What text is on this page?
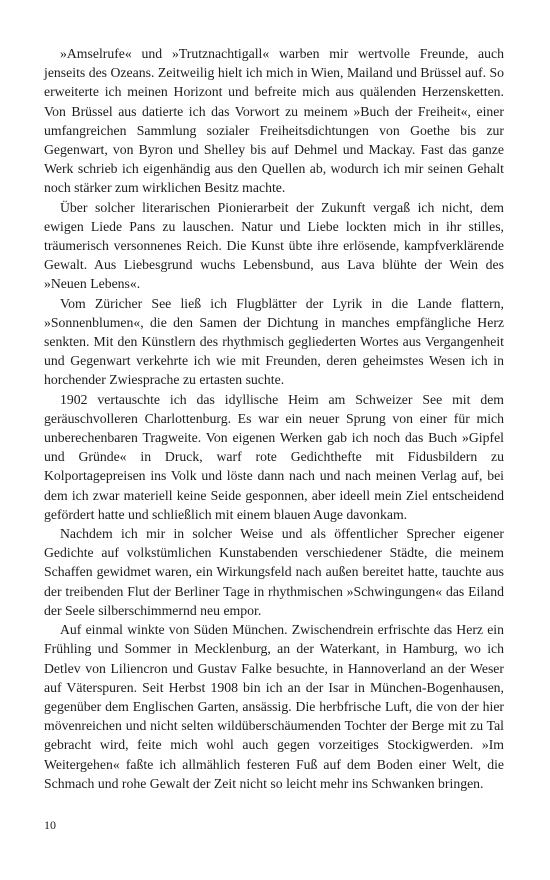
»Amselrufe« und »Trutznachtigall« warben mir wertvolle Freunde, auch jenseits des Ozeans. Zeitweilig hielt ich mich in Wien, Mailand und Brüssel auf. So erweiterte ich meinen Horizont und befreite mich aus quälenden Herzensketten. Von Brüssel aus datierte ich das Vorwort zu meinem »Buch der Freiheit«, einer umfangreichen Sammlung sozialer Freiheitsdichtungen von Goethe bis zur Gegenwart, von Byron und Shelley bis auf Dehmel und Mackay. Fast das ganze Werk schrieb ich eigenhändig aus den Quellen ab, wodurch ich mir seinen Gehalt noch stärker zum wirklichen Besitz machte.

Über solcher literarischen Pionierarbeit der Zukunft vergaß ich nicht, dem ewigen Liede Pans zu lauschen. Natur und Liebe lockten mich in ihr stilles, träumerisch versonnenes Reich. Die Kunst übte ihre erlösende, kampfverklärende Gewalt. Aus Liebesgrund wuchs Lebensbund, aus Lava blühte der Wein des »Neuen Lebens«.

Vom Züricher See ließ ich Flugblätter der Lyrik in die Lande flattern, »Sonnenblumen«, die den Samen der Dichtung in manches empfängliche Herz senkten. Mit den Künstlern des rhythmisch gegliederten Wortes aus Vergangenheit und Gegenwart verkehrte ich wie mit Freunden, deren geheimstes Wesen ich in horchender Zwiesprache zu ertasten suchte.

1902 vertauschte ich das idyllische Heim am Schweizer See mit dem geräuschvolleren Charlottenburg. Es war ein neuer Sprung von einer für mich unberechenbaren Tragweite. Von eigenen Werken gab ich noch das Buch »Gipfel und Gründe« in Druck, warf rote Gedichthefte mit Fidusbildern zu Kolportagepreisen ins Volk und löste dann nach und nach meinen Verlag auf, bei dem ich zwar materiell keine Seide gesponnen, aber ideell mein Ziel entscheidend gefördert hatte und schließlich mit einem blauen Auge davonkam.

Nachdem ich mir in solcher Weise und als öffentlicher Sprecher eigener Gedichte auf volkstümlichen Kunstabenden verschiedener Städte, die meinem Schaffen gewidmet waren, ein Wirkungsfeld nach außen bereitet hatte, tauchte aus der treibenden Flut der Berliner Tage in rhythmischen »Schwingungen« das Eiland der Seele silberschimmernd neu empor.

Auf einmal winkte von Süden München. Zwischendrein erfrischte das Herz ein Frühling und Sommer in Mecklenburg, an der Waterkant, in Hamburg, wo ich Detlev von Liliencron und Gustav Falke besuchte, in Hannoverland an der Weser auf Väterspuren. Seit Herbst 1908 bin ich an der Isar in München-Bogenhausen, gegenüber dem Englischen Garten, ansässig. Die herbfrische Luft, die von der hier mövenreichen und nicht selten wildüberschäumenden Tochter der Berge mit zu Tal gebracht wird, feite mich wohl auch gegen vorzeitiges Stockigwerden. »Im Weitergehen« faßte ich allmählich festeren Fuß auf dem Boden einer Welt, die Schmach und rohe Gewalt der Zeit nicht so leicht mehr ins Schwanken bringen.

10
